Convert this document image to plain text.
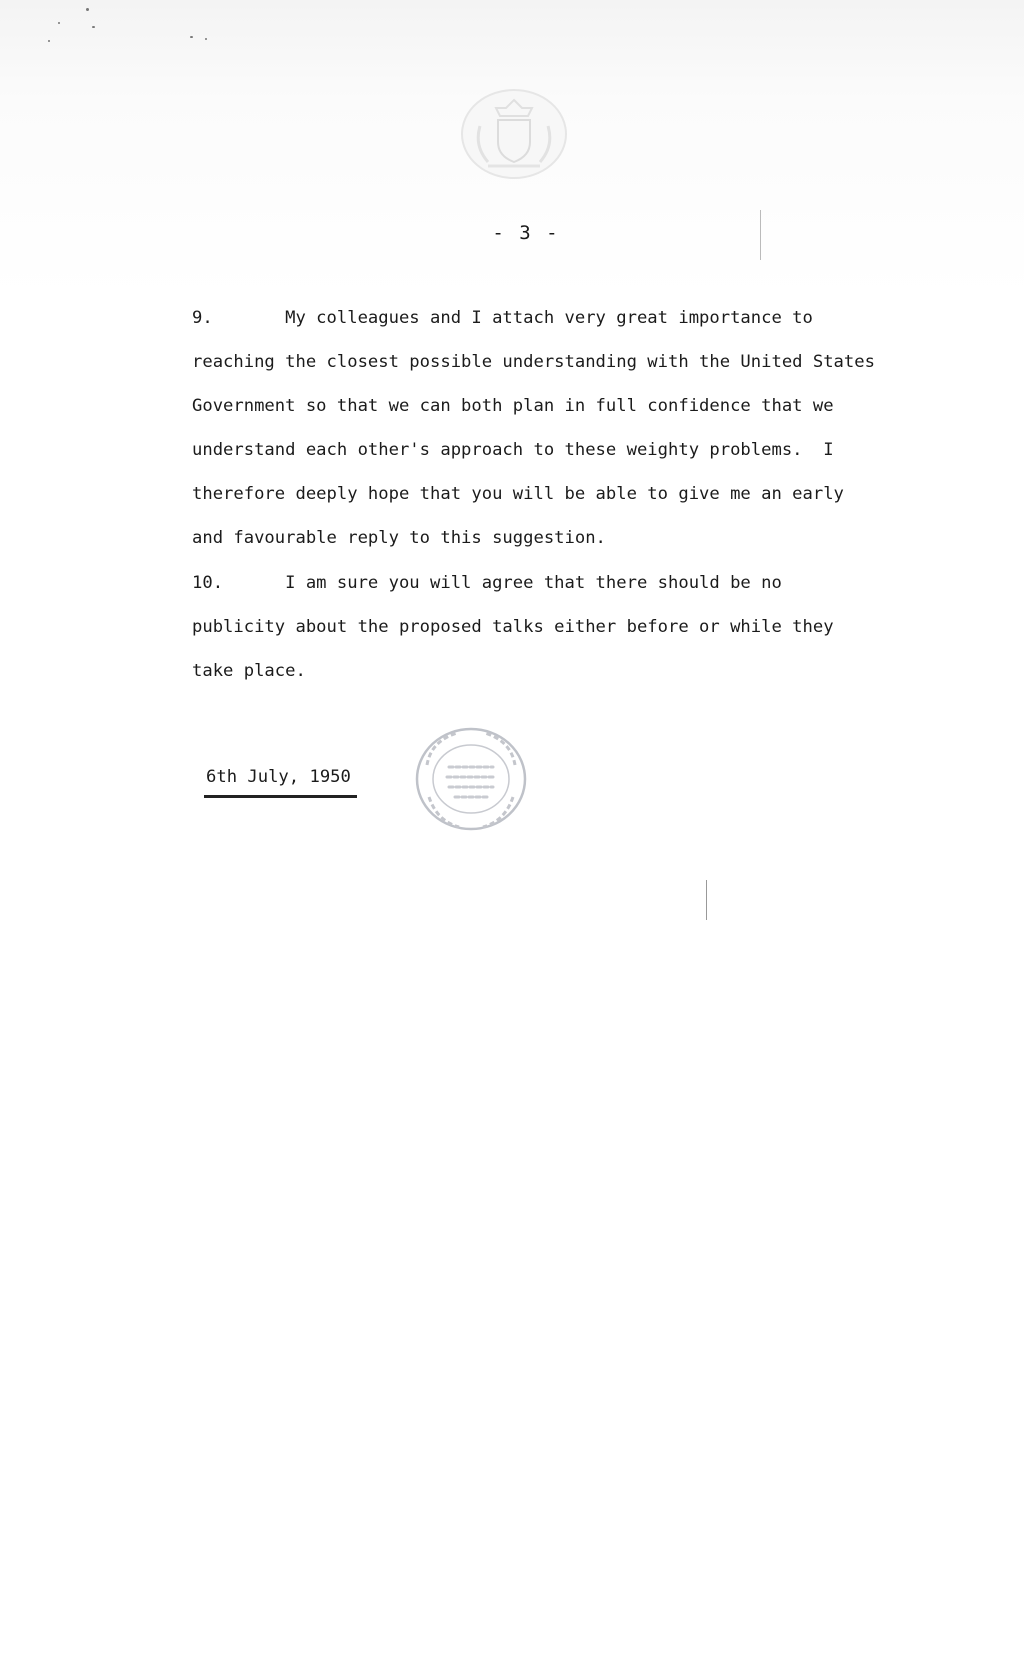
- 3 -
9.       My colleagues and I attach very great importance to
reaching the closest possible understanding with the United States
Government so that we can both plan in full confidence that we
understand each other's approach to these weighty problems.  I
therefore deeply hope that you will be able to give me an early
and favourable reply to this suggestion.
10.      I am sure you will agree that there should be no
publicity about the proposed talks either before or while they
take place.
6th July, 1950
